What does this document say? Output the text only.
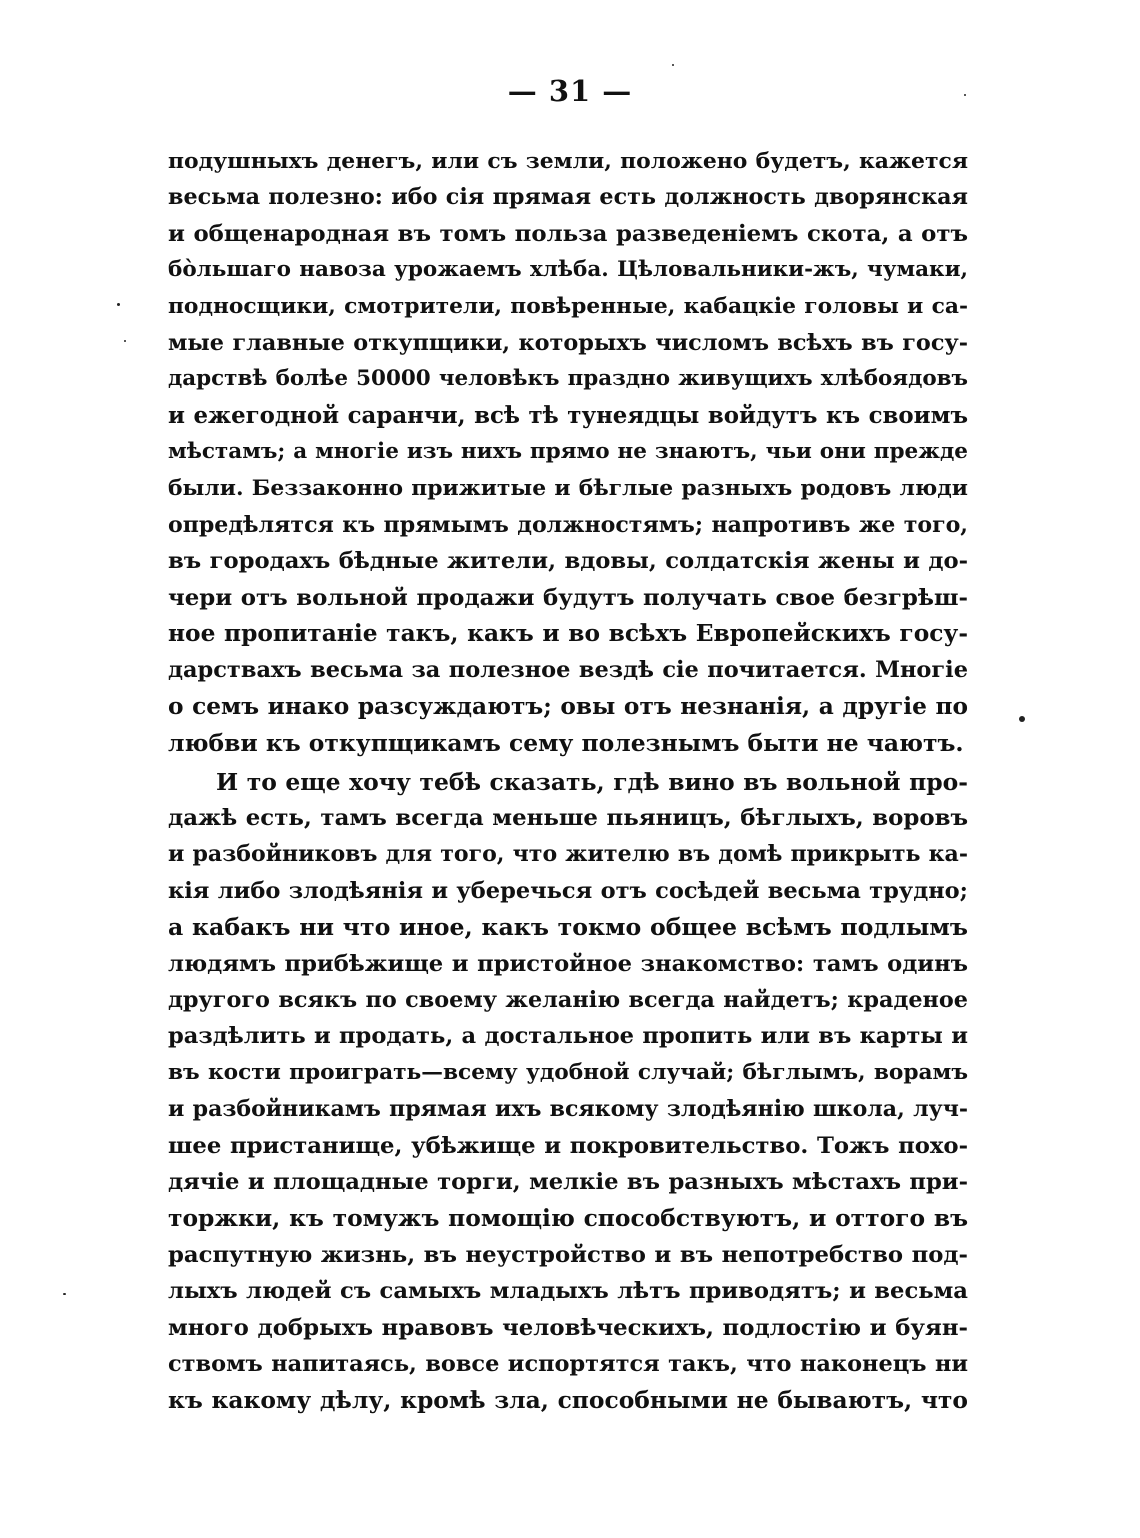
— 31 —

подушныхъ денегъ, или съ земли, положено будетъ, кажется
весьма полезно: ибо сія прямая есть должность дворянская
и общенародная въ томъ польза разведеніемъ скота, а отъ
бо̀льшаго навоза урожаемъ хлѣба. Цѣловальники-жъ, чумаки,
подносщики, смотрители, повѣренные, кабацкіе головы и са-
мые главные откупщики, которыхъ числомъ всѣхъ въ госу-
дарствѣ болѣе 50000 человѣкъ праздно живущихъ хлѣбоядовъ
и ежегодной саранчи, всѣ тѣ тунеядцы войдутъ къ своимъ
мѣстамъ; а многіе изъ нихъ прямо не знаютъ, чьи они прежде
были. Беззаконно прижитые и бѣглые разныхъ родовъ люди
опредѣлятся къ прямымъ должностямъ; напротивъ же того,
въ городахъ бѣдные жители, вдовы, солдатскія жены и до-
чери отъ вольной продажи будутъ получать свое безгрѣш-
ное пропитаніе такъ, какъ и во всѣхъ Европейскихъ госу-
дарствахъ весьма за полезное вездѣ сіе почитается. Многіе
о семъ инако разсуждаютъ; овы отъ незнанія, а другіе по
любви къ откупщикамъ сему полезнымъ быти не чаютъ.

И то еще хочу тебѣ сказать, гдѣ вино въ вольной про-
дажѣ есть, тамъ всегда меньше пьяницъ, бѣглыхъ, воровъ
и разбойниковъ для того, что жителю въ домѣ прикрыть ка-
кія либо злодѣянія и уберечься отъ сосѣдей весьма трудно;
а кабакъ ни что иное, какъ токмо общее всѣмъ подлымъ
людямъ прибѣжище и пристойное знакомство: тамъ одинъ
другого всякъ по своему желанію всегда найдетъ; краденое
раздѣлить и продать, а достальное пропить или въ карты и
въ кости проиграть—всему удобной случай; бѣглымъ, ворамъ
и разбойникамъ прямая ихъ всякому злодѣянію школа, луч-
шее пристанище, убѣжище и покровительство. Тожъ похо-
дячіе и площадные торги, мелкіе въ разныхъ мѣстахъ при-
торжки, къ томужъ помощію способствуютъ, и оттого въ
распутную жизнь, въ неустройство и въ непотребство под-
лыхъ людей съ самыхъ младыхъ лѣтъ приводятъ; и весьма
много добрыхъ нравовъ человѣческихъ, подлостію и буян-
ствомъ напитаясь, вовсе испортятся такъ, что наконецъ ни
къ какому дѣлу, кромѣ зла, способными не бываютъ, что
